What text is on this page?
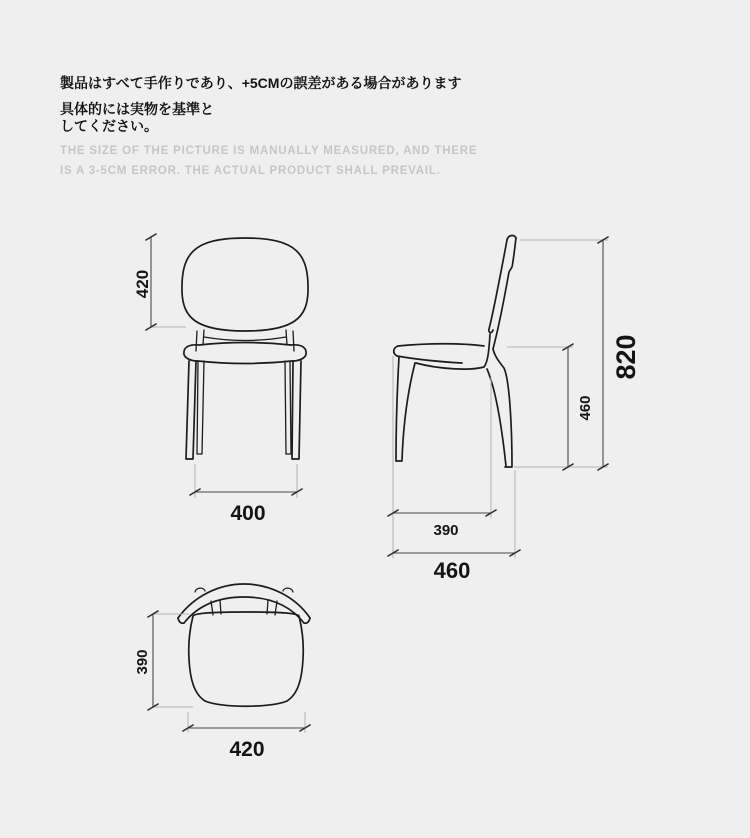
製品はすべて手作りであり、+5CMの誤差がある場合があります

具体的には実物を基準と
してください。

THE SIZE OF THE PICTURE IS MANUALLY MEASURED, AND THERE
IS A 3-5CM ERROR. THE ACTUAL PRODUCT SHALL PREVAIL.

420
400
820
460
390
460
390
420
